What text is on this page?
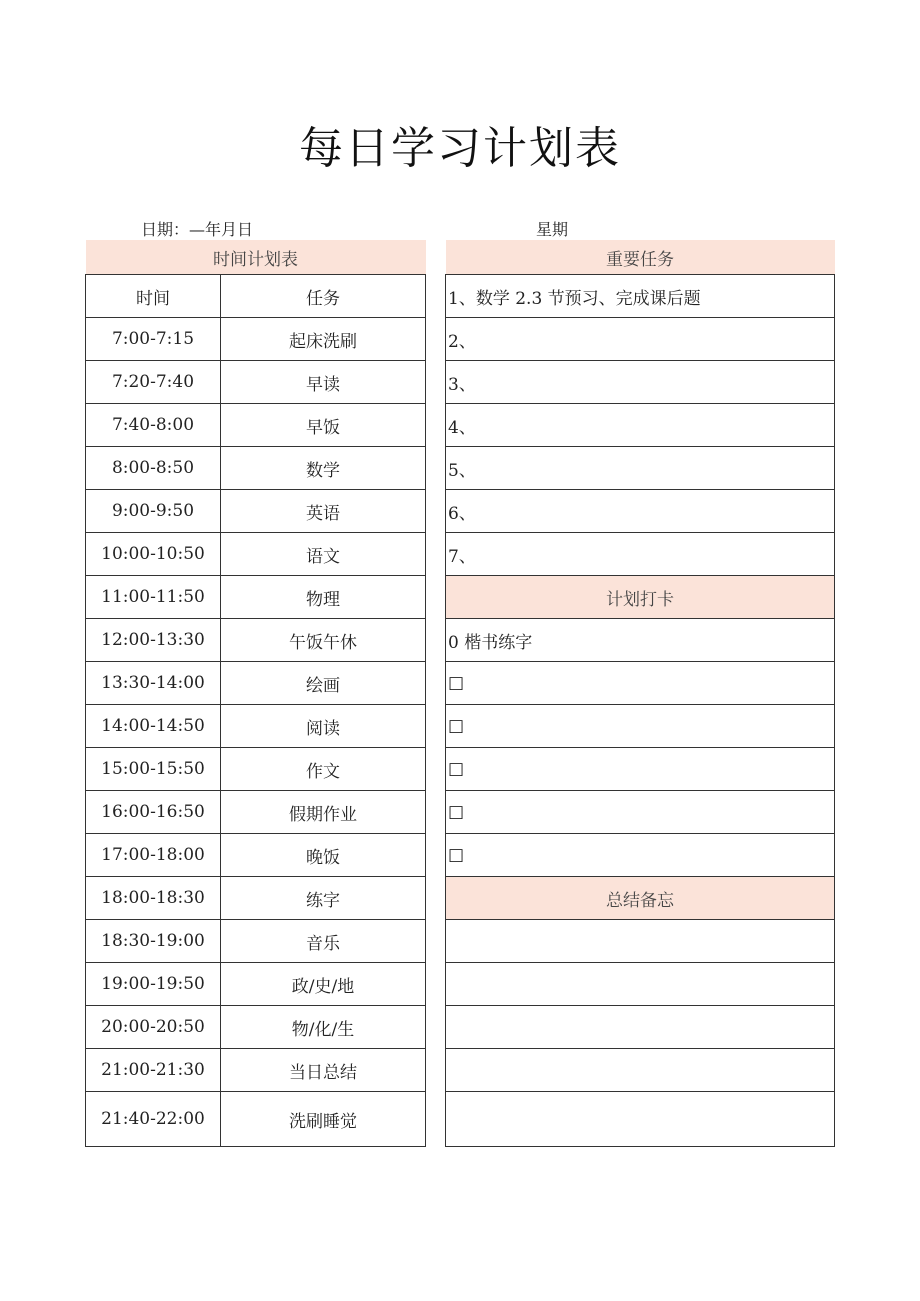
每日学习计划表
日期：—年月日	星期
时间计划表	
时间	任务
7:00-7:15	起床洗刷
7:20-7:40	早读
7:40-8:00	早饭
8:00-8:50	数学
9:00-9:50	英语
10:00-10:50	语文
11:00-11:50	物理
12:00-13:30	午饭午休
13:30-14:00	绘画
14:00-14:50	阅读
15:00-15:50	作文
16:00-16:50	假期作业
17:00-18:00	晚饭
18:00-18:30	练字
18:30-19:00	音乐
19:00-19:50	政/史/地
20:00-20:50	物/化/生
21:00-21:30	当日总结
21:40-22:00	洗刷睡觉
重要任务
1、数学 2.3 节预习、完成课后题
2、
3、
4、
5、
6、
7、
计划打卡
0 楷书练字
□
□
□
□
□
总结备忘
